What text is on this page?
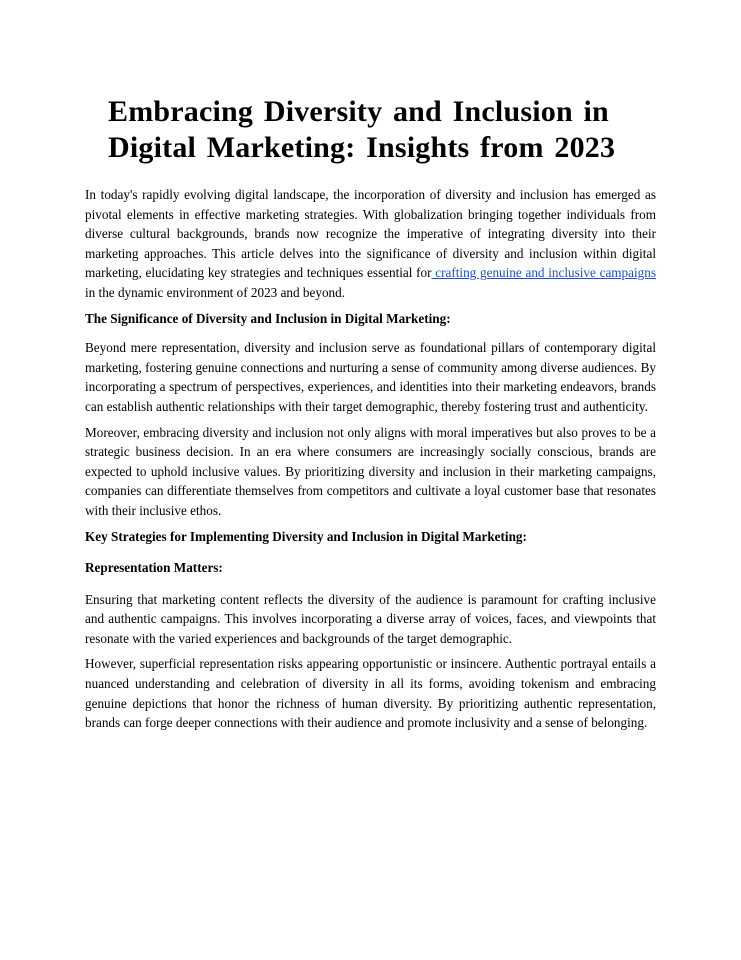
Embracing Diversity and Inclusion in Digital Marketing: Insights from 2023

In today's rapidly evolving digital landscape, the incorporation of diversity and inclusion has emerged as pivotal elements in effective marketing strategies. With globalization bringing together individuals from diverse cultural backgrounds, brands now recognize the imperative of integrating diversity into their marketing approaches. This article delves into the significance of diversity and inclusion within digital marketing, elucidating key strategies and techniques essential for crafting genuine and inclusive campaigns in the dynamic environment of 2023 and beyond.

The Significance of Diversity and Inclusion in Digital Marketing:

Beyond mere representation, diversity and inclusion serve as foundational pillars of contemporary digital marketing, fostering genuine connections and nurturing a sense of community among diverse audiences. By incorporating a spectrum of perspectives, experiences, and identities into their marketing endeavors, brands can establish authentic relationships with their target demographic, thereby fostering trust and authenticity.

Moreover, embracing diversity and inclusion not only aligns with moral imperatives but also proves to be a strategic business decision. In an era where consumers are increasingly socially conscious, brands are expected to uphold inclusive values. By prioritizing diversity and inclusion in their marketing campaigns, companies can differentiate themselves from competitors and cultivate a loyal customer base that resonates with their inclusive ethos.

Key Strategies for Implementing Diversity and Inclusion in Digital Marketing:
Representation Matters:

Ensuring that marketing content reflects the diversity of the audience is paramount for crafting inclusive and authentic campaigns. This involves incorporating a diverse array of voices, faces, and viewpoints that resonate with the varied experiences and backgrounds of the target demographic.

However, superficial representation risks appearing opportunistic or insincere. Authentic portrayal entails a nuanced understanding and celebration of diversity in all its forms, avoiding tokenism and embracing genuine depictions that honor the richness of human diversity. By prioritizing authentic representation, brands can forge deeper connections with their audience and promote inclusivity and a sense of belonging.
